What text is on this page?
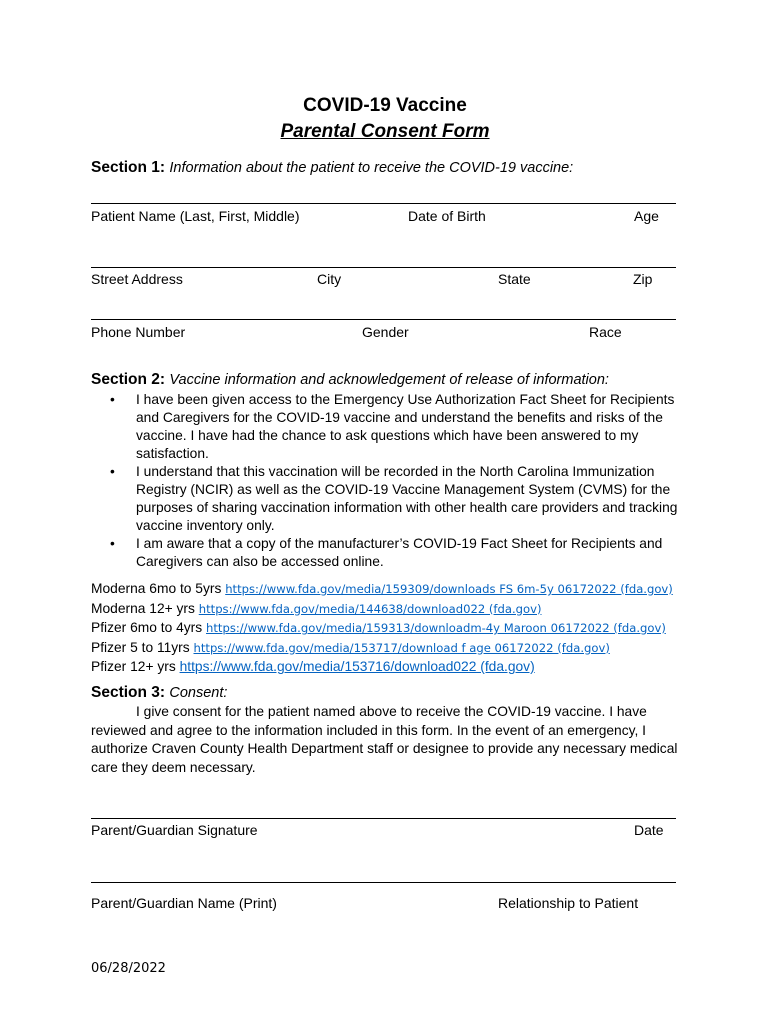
COVID-19 Vaccine
Parental Consent Form
Section 1: Information about the patient to receive the COVID-19 vaccine:
Patient Name (Last, First, Middle)	Date of Birth	Age
Street Address	City	State	Zip
Phone Number	Gender	Race
Section 2: Vaccine information and acknowledgement of release of information:
• I have been given access to the Emergency Use Authorization Fact Sheet for Recipients and Caregivers for the COVID-19 vaccine and understand the benefits and risks of the vaccine. I have had the chance to ask questions which have been answered to my satisfaction.
• I understand that this vaccination will be recorded in the North Carolina Immunization Registry (NCIR) as well as the COVID-19 Vaccine Management System (CVMS) for the purposes of sharing vaccination information with other health care providers and tracking vaccine inventory only.
• I am aware that a copy of the manufacturer’s COVID-19 Fact Sheet for Recipients and Caregivers can also be accessed online.
Moderna 6mo to 5yrs https://www.fda.gov/media/159309/downloads FS 6m-5y 06172022 (fda.gov)
Moderna 12+ yrs https://www.fda.gov/media/144638/download022 (fda.gov)
Pfizer 6mo to 4yrs https://www.fda.gov/media/159313/downloadm-4y Maroon 06172022 (fda.gov)
Pfizer 5 to 11yrs https://www.fda.gov/media/153717/download f age 06172022 (fda.gov)
Pfizer 12+ yrs https://www.fda.gov/media/153716/download022 (fda.gov)
Section 3: Consent:
I give consent for the patient named above to receive the COVID-19 vaccine. I have
reviewed and agree to the information included in this form. In the event of an emergency, I authorize Craven County Health Department staff or designee to provide any necessary medical care they deem necessary.
Parent/Guardian Signature	Date
Parent/Guardian Name (Print)	Relationship to Patient
06/28/2022
